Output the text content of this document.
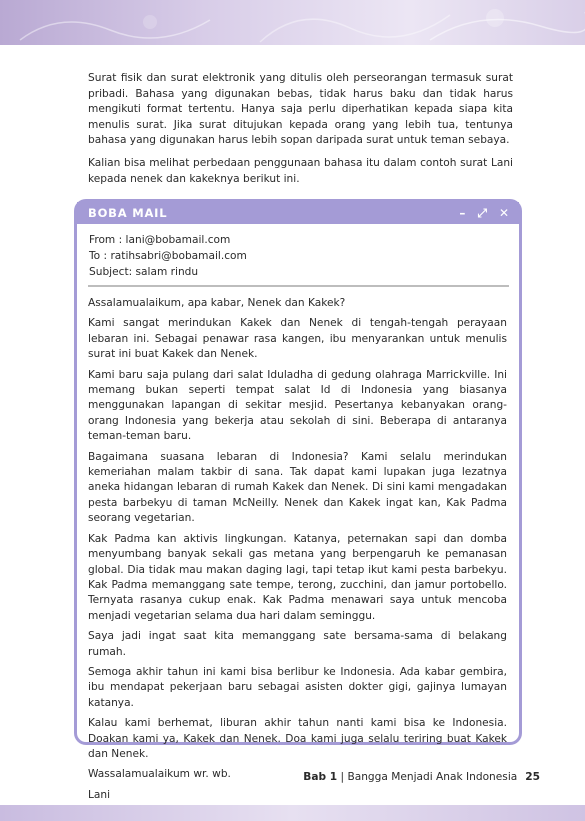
Surat fisik dan surat elektronik yang ditulis oleh perseorangan termasuk surat pribadi. Bahasa yang digunakan bebas, tidak harus baku dan tidak harus mengikuti format tertentu. Hanya saja perlu diperhatikan kepada siapa kita menulis surat. Jika surat ditujukan kepada orang yang lebih tua, tentunya bahasa yang digunakan harus lebih sopan daripada surat untuk teman sebaya.

Kalian bisa melihat perbedaan penggunaan bahasa itu dalam contoh surat Lani kepada nenek dan kakeknya berikut ini.

BOBA MAIL	– ⤢ ✕
From : lani@bobamail.com
To : ratihsabri@bobamail.com
Subject: salam rindu

Assalamualaikum, apa kabar, Nenek dan Kakek?

Kami sangat merindukan Kakek dan Nenek di tengah-tengah perayaan lebaran ini. Sebagai penawar rasa kangen, ibu menyarankan untuk menulis surat ini buat Kakek dan Nenek.

Kami baru saja pulang dari salat Iduladha di gedung olahraga Marrickville. Ini memang bukan seperti tempat salat Id di Indonesia yang biasanya menggunakan lapangan di sekitar mesjid. Pesertanya kebanyakan orang-orang Indonesia yang bekerja atau sekolah di sini. Beberapa di antaranya teman-teman baru.

Bagaimana suasana lebaran di Indonesia? Kami selalu merindukan kemeriahan malam takbir di sana. Tak dapat kami lupakan juga lezatnya aneka hidangan lebaran di rumah Kakek dan Nenek. Di sini kami mengadakan pesta barbekyu di taman McNeilly. Nenek dan Kakek ingat kan, Kak Padma seorang vegetarian.

Kak Padma kan aktivis lingkungan. Katanya, peternakan sapi dan domba menyumbang banyak sekali gas metana yang berpengaruh ke pemanasan global. Dia tidak mau makan daging lagi, tapi tetap ikut kami pesta barbekyu. Kak Padma memanggang sate tempe, terong, zucchini, dan jamur portobello. Ternyata rasanya cukup enak. Kak Padma menawari saya untuk mencoba menjadi vegetarian selama dua hari dalam seminggu.

Saya jadi ingat saat kita memanggang sate bersama-sama di belakang rumah.

Semoga akhir tahun ini kami bisa berlibur ke Indonesia. Ada kabar gembira, ibu mendapat pekerjaan baru sebagai asisten dokter gigi, gajinya lumayan katanya.

Kalau kami berhemat, liburan akhir tahun nanti kami bisa ke Indonesia. Doakan kami ya, Kakek dan Nenek. Doa kami juga selalu teriring buat Kakek dan Nenek.

Wassalamualaikum wr. wb.

Lani

Bab 1 | Bangga Menjadi Anak Indonesia 25
